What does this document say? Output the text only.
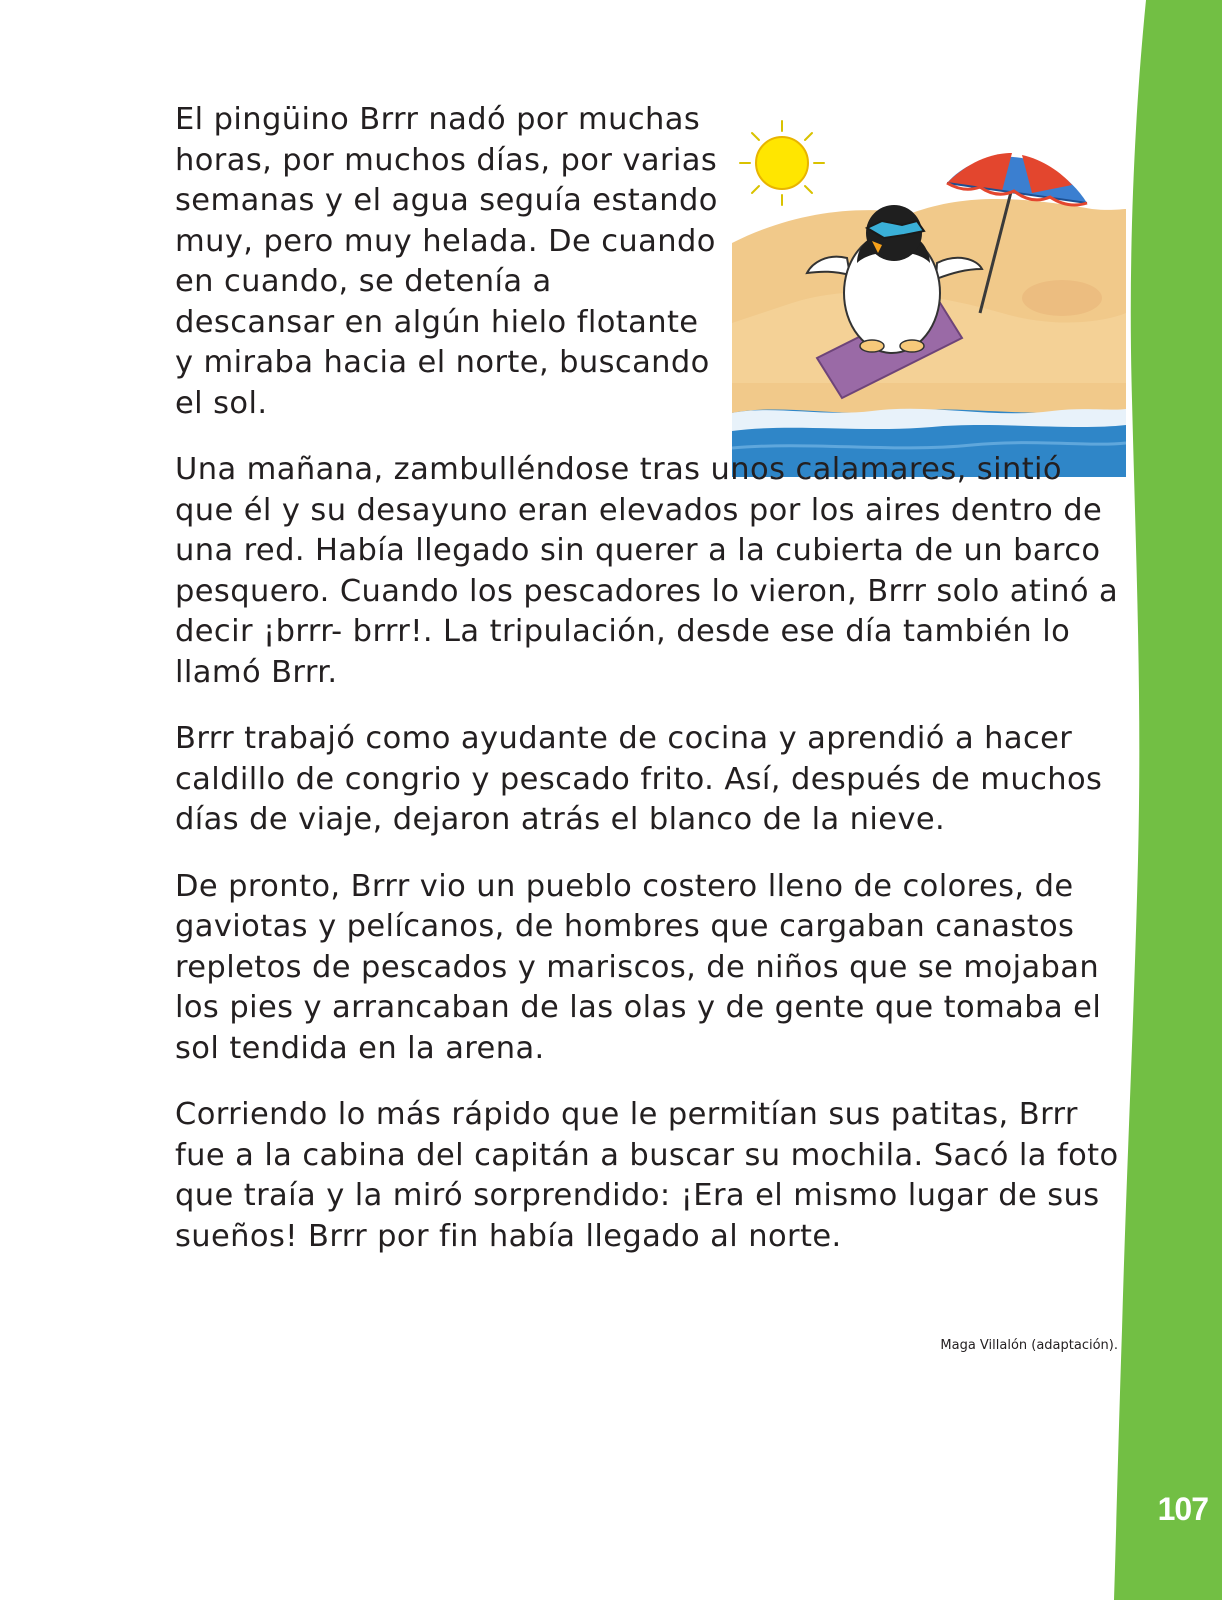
107

El pingüino Brrr nadó por muchas horas, por muchos días, por varias semanas y el agua seguía estando muy, pero muy helada. De cuando en cuando, se detenía a descansar en algún hielo flotante y miraba hacia el norte, buscando el sol.

Una mañana, zambulléndose tras unos calamares, sintió que él y su desayuno eran elevados por los aires dentro de una red. Había llegado sin querer a la cubierta de un barco pesquero. Cuando los pescadores lo vieron, Brrr solo atinó a decir ¡brrr- brrr!. La tripulación, desde ese día también lo llamó Brrr.

Brrr trabajó como ayudante de cocina y aprendió a hacer caldillo de congrio y pescado frito. Así, después de muchos días de viaje, dejaron atrás el blanco de la nieve.

De pronto, Brrr vio un pueblo costero lleno de colores, de gaviotas y pelícanos, de hombres que cargaban canastos repletos de pescados y mariscos, de niños que se mojaban los pies y arrancaban de las olas y de gente que tomaba el sol tendida en la arena.

Corriendo lo más rápido que le permitían sus patitas, Brrr fue a la cabina del capitán a buscar su mochila. Sacó la foto que traía y la miró sorprendido: ¡Era el mismo lugar de sus sueños! Brrr por fin había llegado al norte.

Maga Villalón (adaptación).
